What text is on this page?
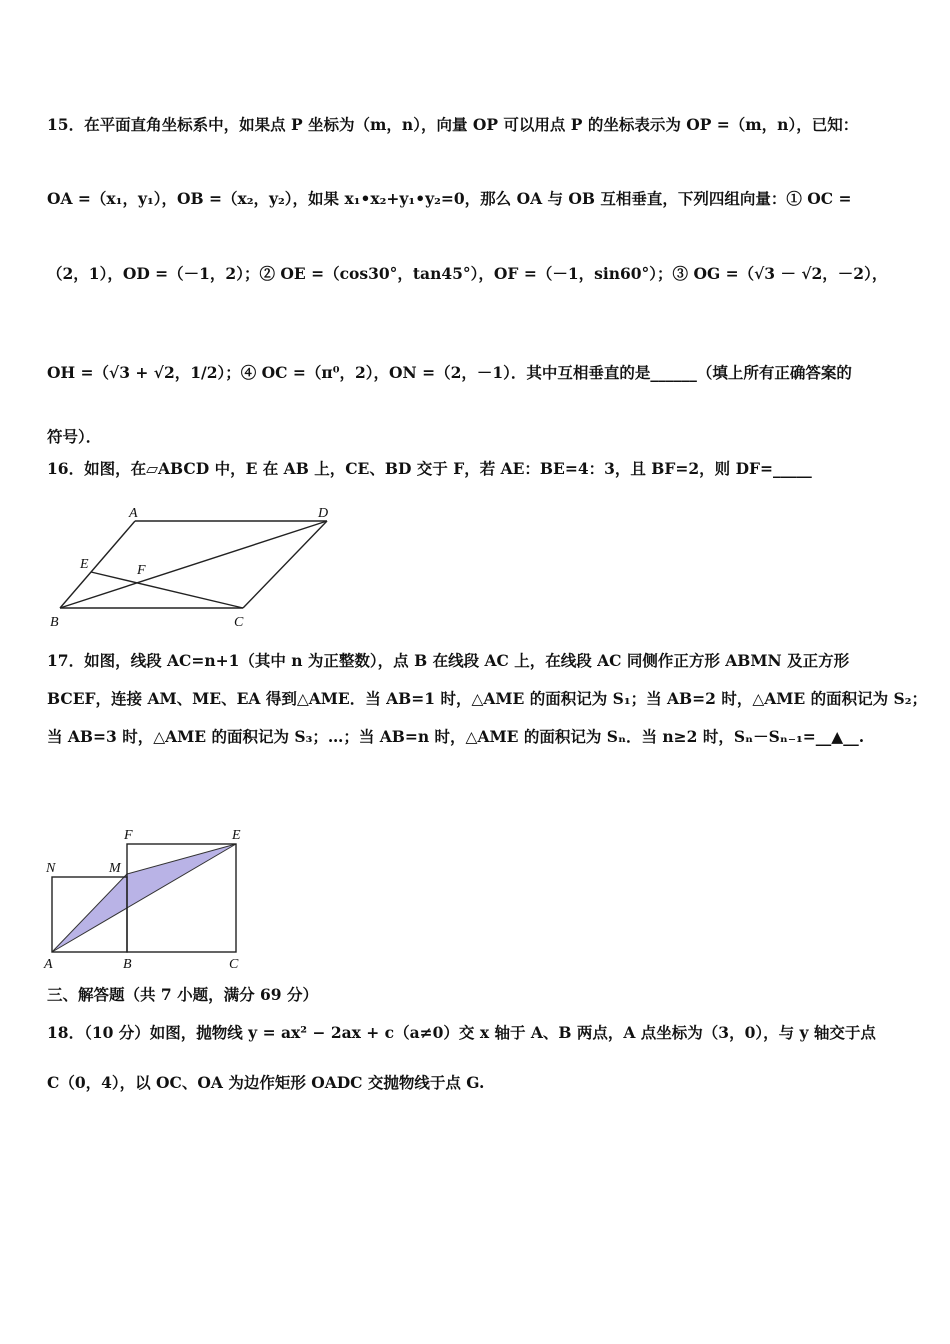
15．在平面直角坐标系中，如果点 P 坐标为（m，n），向量 OP 可以用点 P 的坐标表示为 OP =（m，n），已知：
OA =（x₁，y₁），OB =（x₂，y₂），如果 x₁•x₂+y₁•y₂=0，那么 OA 与 OB 互相垂直，下列四组向量：① OC =
（2，1），OD =（－1，2）；② OE =（cos30°，tan45°），OF =（－1，sin60°）；③ OG =（√3 － √2，－2），
OH =（√3 + √2，1/2）；④ OC =（π⁰，2），ON =（2，－1）．其中互相垂直的是______（填上所有正确答案的
符号）．
16．如图，在▱ABCD 中，E 在 AB 上，CE、BD 交于 F，若 AE：BE=4：3，且 BF=2，则 DF=_____
A	D
E	F
B	C
17．如图，线段 AC=n+1（其中 n 为正整数），点 B 在线段 AC 上，在线段 AC 同侧作正方形 ABMN 及正方形
BCEF，连接 AM、ME、EA 得到△AME．当 AB=1 时，△AME 的面积记为 S₁；当 AB=2 时，△AME 的面积记为 S₂；
当 AB=3 时，△AME 的面积记为 S₃；…；当 AB=n 时，△AME 的面积记为 Sₙ．当 n≥2 时，Sₙ－Sₙ₋₁=__▲__.
F	E
N	M
A	B	C
三、解答题（共 7 小题，满分 69 分）
18．（10 分）如图，抛物线 y = ax² − 2ax + c（a≠0）交 x 轴于 A、B 两点，A 点坐标为（3，0），与 y 轴交于点
C（0，4），以 OC、OA 为边作矩形 OADC 交抛物线于点 G.
